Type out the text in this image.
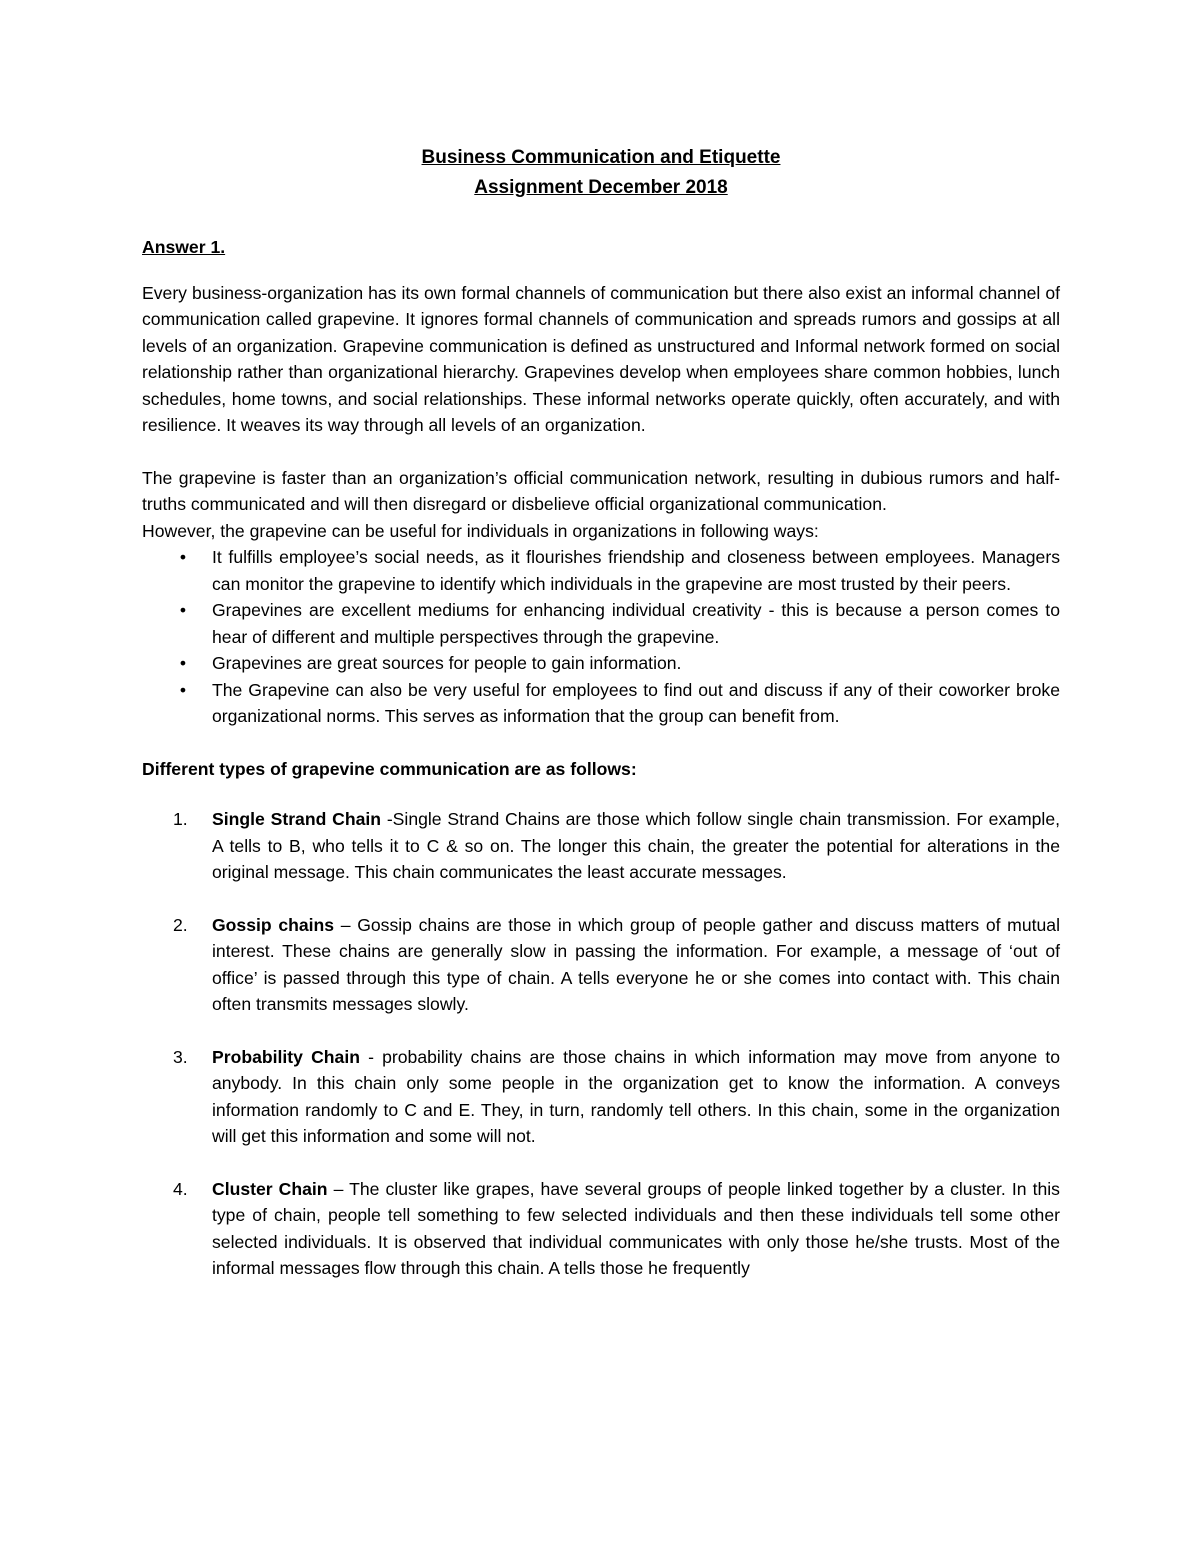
Business Communication and Etiquette
Assignment December 2018
Answer 1.

Every business-organization has its own formal channels of communication but there also exist an informal channel of communication called grapevine. It ignores formal channels of communication and spreads rumors and gossips at all levels of an organization. Grapevine communication is defined as unstructured and Informal network formed on social relationship rather than organizational hierarchy. Grapevines develop when employees share common hobbies, lunch schedules, home towns, and social relationships. These informal networks operate quickly, often accurately, and with resilience. It weaves its way through all levels of an organization.

The grapevine is faster than an organization’s official communication network, resulting in dubious rumors and half-truths communicated and will then disregard or disbelieve official organizational communication.

However, the grapevine can be useful for individuals in organizations in following ways:

•	It fulfills employee’s social needs, as it flourishes friendship and closeness between employees. Managers can monitor the grapevine to identify which individuals in the grapevine are most trusted by their peers.
•	Grapevines are excellent mediums for enhancing individual creativity - this is because a person comes to hear of different and multiple perspectives through the grapevine.
•	Grapevines are great sources for people to gain information.
•	The Grapevine can also be very useful for employees to find out and discuss if any of their coworker broke organizational norms. This serves as information that the group can benefit from.
Different types of grapevine communication are as follows:
1. Single Strand Chain -Single Strand Chains are those which follow single chain transmission. For example, A tells to B, who tells it to C & so on. The longer this chain, the greater the potential for alterations in the original message. This chain communicates the least accurate messages.
2. Gossip chains – Gossip chains are those in which group of people gather and discuss matters of mutual interest. These chains are generally slow in passing the information. For example, a message of ‘out of office’ is passed through this type of chain. A tells everyone he or she comes into contact with. This chain often transmits messages slowly.
3. Probability Chain - probability chains are those chains in which information may move from anyone to anybody. In this chain only some people in the organization get to know the information. A conveys information randomly to C and E. They, in turn, randomly tell others. In this chain, some in the organization will get this information and some will not.
4. Cluster Chain – The cluster like grapes, have several groups of people linked together by a cluster. In this type of chain, people tell something to few selected individuals and then these individuals tell some other selected individuals. It is observed that individual communicates with only those he/she trusts. Most of the informal messages flow through this chain. A tells those he frequently
